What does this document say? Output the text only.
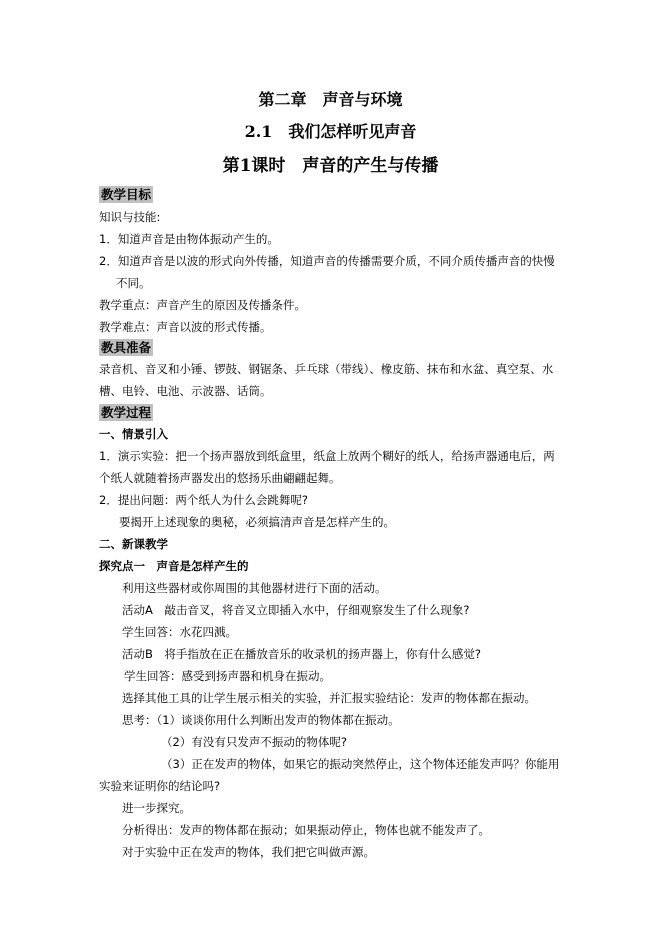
第二章　声音与环境
2.1　我们怎样听见声音
第1课时　声音的产生与传播
教学目标
知识与技能:
1．知道声音是由物体振动产生的。
2．知道声音是以波的形式向外传播，知道声音的传播需要介质，不同介质传播声音的快慢
不同。
教学重点：声音产生的原因及传播条件。
教学难点：声音以波的形式传播。
教具准备
录音机、音叉和小锤、锣鼓、钢锯条、乒乓球（带线）、橡皮筋、抹布和水盆、真空泵、水
槽、电铃、电池、示波器、话筒。
教学过程
一、情景引入
1．演示实验：把一个扬声器放到纸盒里，纸盒上放两个糊好的纸人，给扬声器通电后，两
个纸人就随着扬声器发出的悠扬乐曲翩翩起舞。
2．提出问题：两个纸人为什么会跳舞呢?
要揭开上述现象的奥秘，必须搞清声音是怎样产生的。
二、新课教学
探究点一　声音是怎样产生的
利用这些器材或你周围的其他器材进行下面的活动。
活动A　敲击音叉，将音叉立即插入水中，仔细观察发生了什么现象?
学生回答：水花四溅。
活动B　将手指放在正在播放音乐的收录机的扬声器上，你有什么感觉?
学生回答：感受到扬声器和机身在振动。
选择其他工具的让学生展示相关的实验，并汇报实验结论：发声的物体都在振动。
思考：（1）谈谈你用什么判断出发声的物体都在振动。
（2）有没有只发声不振动的物体呢?
（3）正在发声的物体，如果它的振动突然停止，这个物体还能发声吗？你能用
实验来证明你的结论吗?
进一步探究。
分析得出：发声的物体都在振动；如果振动停止，物体也就不能发声了。
对于实验中正在发声的物体，我们把它叫做声源。
